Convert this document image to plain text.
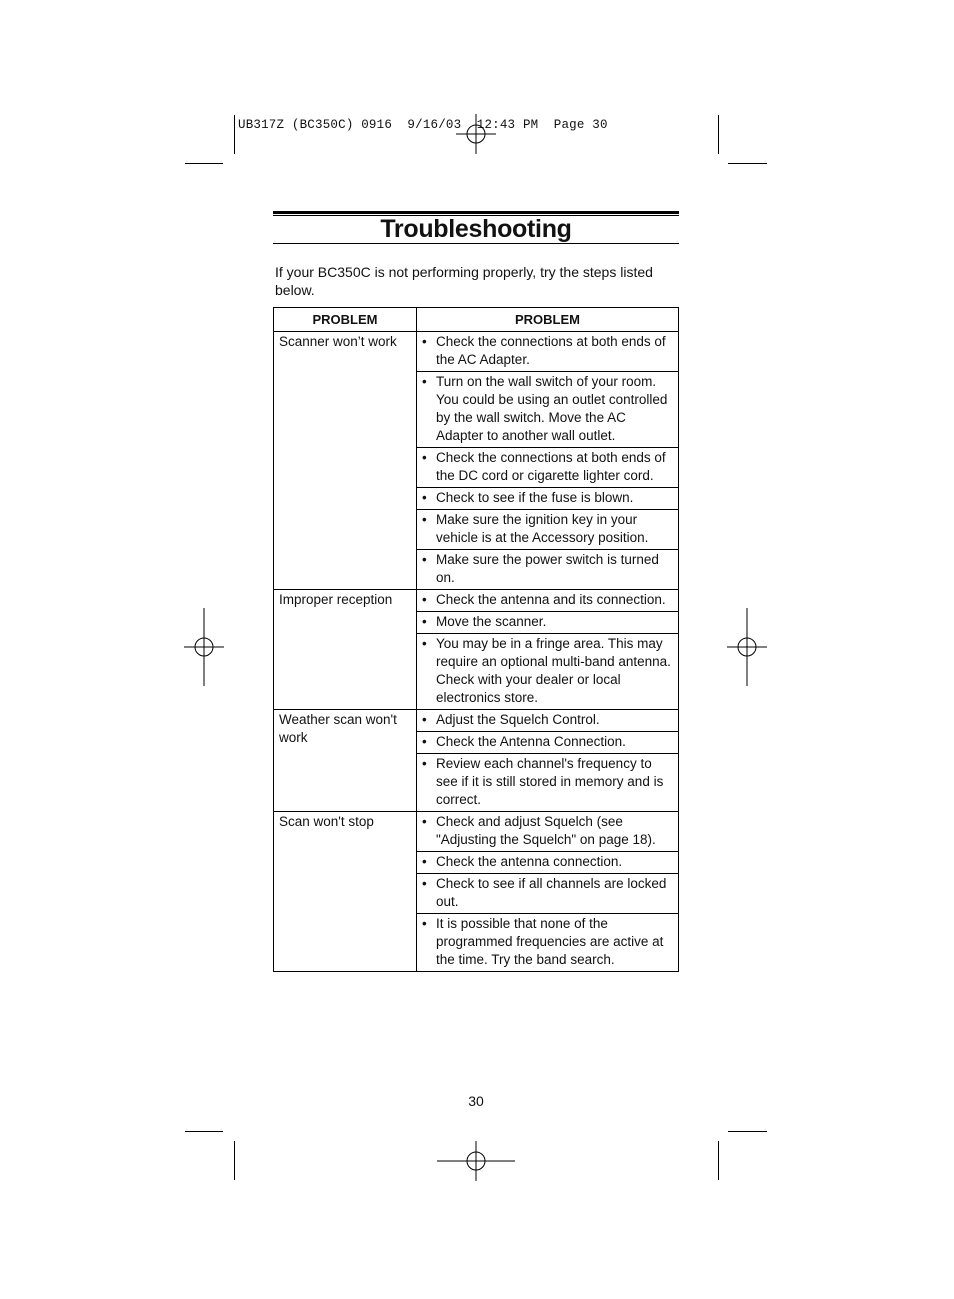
UB317Z (BC350C) 0916  9/16/03  12:43 PM  Page 30
Troubleshooting
If your BC350C is not performing properly, try the steps listed below.
PROBLEM	PROBLEM
Scanner won’t work	• Check the connections at both ends of the AC Adapter.

	• Turn on the wall switch of your room. You could be using an outlet controlled by the wall switch. Move the AC Adapter to another wall outlet.

	• Check the connections at both ends of the DC cord or cigarette lighter cord.

	• Check to see if the fuse is blown.

	• Make sure the ignition key in your vehicle is at the Accessory position.

	• Make sure the power switch is turned on.

Improper reception	• Check the antenna and its connection.

	• Move the scanner.

	• You may be in a fringe area. This may require an optional multi-band antenna. Check with your dealer or local electronics store.

Weather scan won't work	• Adjust the Squelch Control.

	• Check the Antenna Connection.

	• Review each channel's frequency to see if it is still stored in memory and is correct.

Scan won't stop	• Check and adjust Squelch (see "Adjusting the Squelch" on page 18).

	• Check the antenna connection.

	• Check to see if all channels are locked out.

	• It is possible that none of the programmed frequencies are active at the time. Try the band search.
30
